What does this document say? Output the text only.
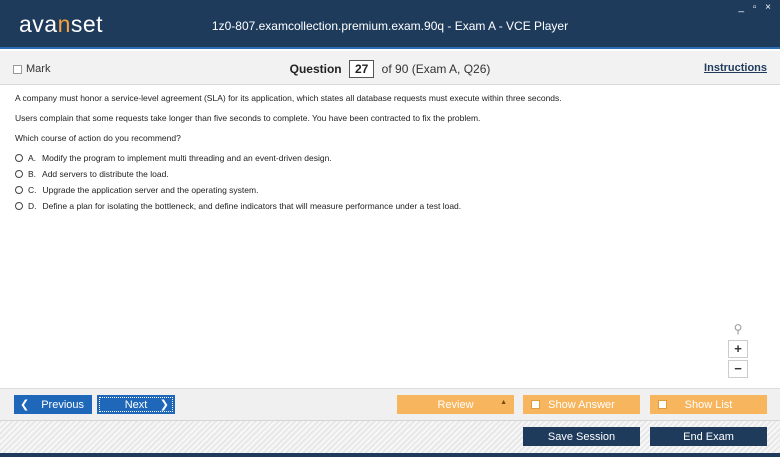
avanset	1z0-807.examcollection.premium.exam.90q - Exam A - VCE Player
_ ▫ ×
Mark	Question 27 of 90 (Exam A, Q26)	Instructions

A company must honor a service-level agreement (SLA) for its application, which states all database requests must execute within three seconds.

Users complain that some requests take longer than five seconds to complete. You have been contracted to fix the problem.

Which course of action do you recommend?

A. Modify the program to implement multi threading and an event-driven design.
B. Add servers to distribute the load.
C. Upgrade the application server and the operating system.
D. Define a plan for isolating the bottleneck, and define indicators that will measure performance under a test load.
⚲
+
−
❮ Previous	Next ❯	Review	▲	Show Answer	Show List
Save Session	End Exam
